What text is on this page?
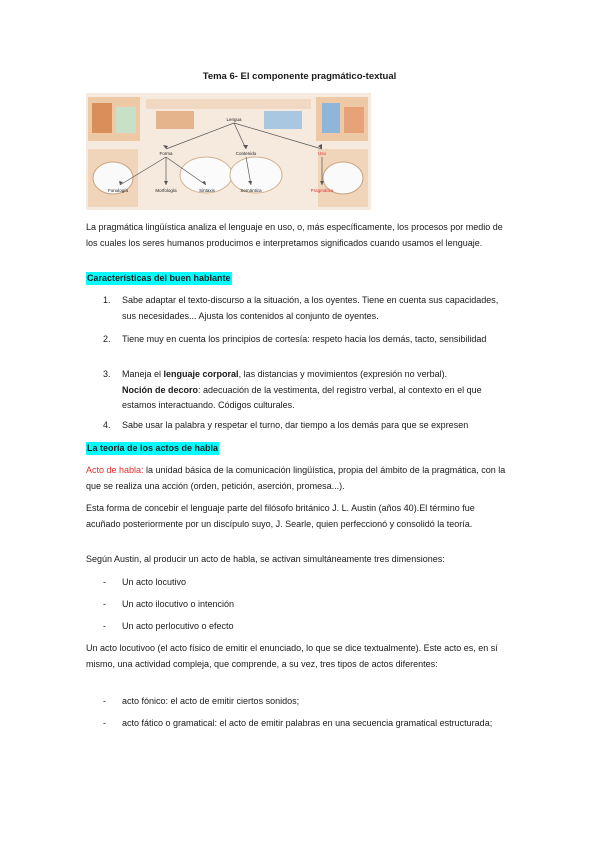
Tema 6- El componente pragmático-textual
Lengua
Forma	Contenido	Uso
Fonología	Morfología	Sintaxis	Semántica	Pragmática
La pragmática lingüística analiza el lenguaje en uso, o, más específicamente, los procesos por medio de los cuales los seres humanos producimos e interpretamos significados cuando usamos el lenguaje.
Características del buen hablante
1. Sabe adaptar el texto-discurso a la situación, a los oyentes. Tiene en cuenta sus capacidades, sus necesidades... Ajusta los contenidos al conjunto de oyentes.
2. Tiene muy en cuenta los principios de cortesía: respeto hacia los demás, tacto, sensibilidad
3. Maneja el lenguaje corporal, las distancias y movimientos (expresión no verbal).
Noción de decoro: adecuación de la vestimenta, del registro verbal, al contexto en el que estamos interactuando. Códigos culturales.
4. Sabe usar la palabra y respetar el turno, dar tiempo a los demás para que se expresen
La teoría de los actos de habla
Acto de habla: la unidad básica de la comunicación lingüística, propia del ámbito de la pragmática, con la que se realiza una acción (orden, petición, aserción, promesa...).
Esta forma de concebir el lenguaje parte del filósofo británico J. L. Austin (años 40).El término fue acuñado posteriormente por un discípulo suyo, J. Searle, quien perfeccionó y consolidó la teoría.
Según Austin, al producir un acto de habla, se activan simultáneamente tres dimensiones:
- Un acto locutivo
- Un acto ilocutivo o intención
- Un acto perlocutivo o efecto
Un acto locutivoo (el acto físico de emitir el enunciado, lo que se dice textualmente). Este acto es, en sí mismo, una actividad compleja, que comprende, a su vez, tres tipos de actos diferentes:
- acto fónico: el acto de emitir ciertos sonidos;
- acto fático o gramatical: el acto de emitir palabras en una secuencia gramatical estructurada;
